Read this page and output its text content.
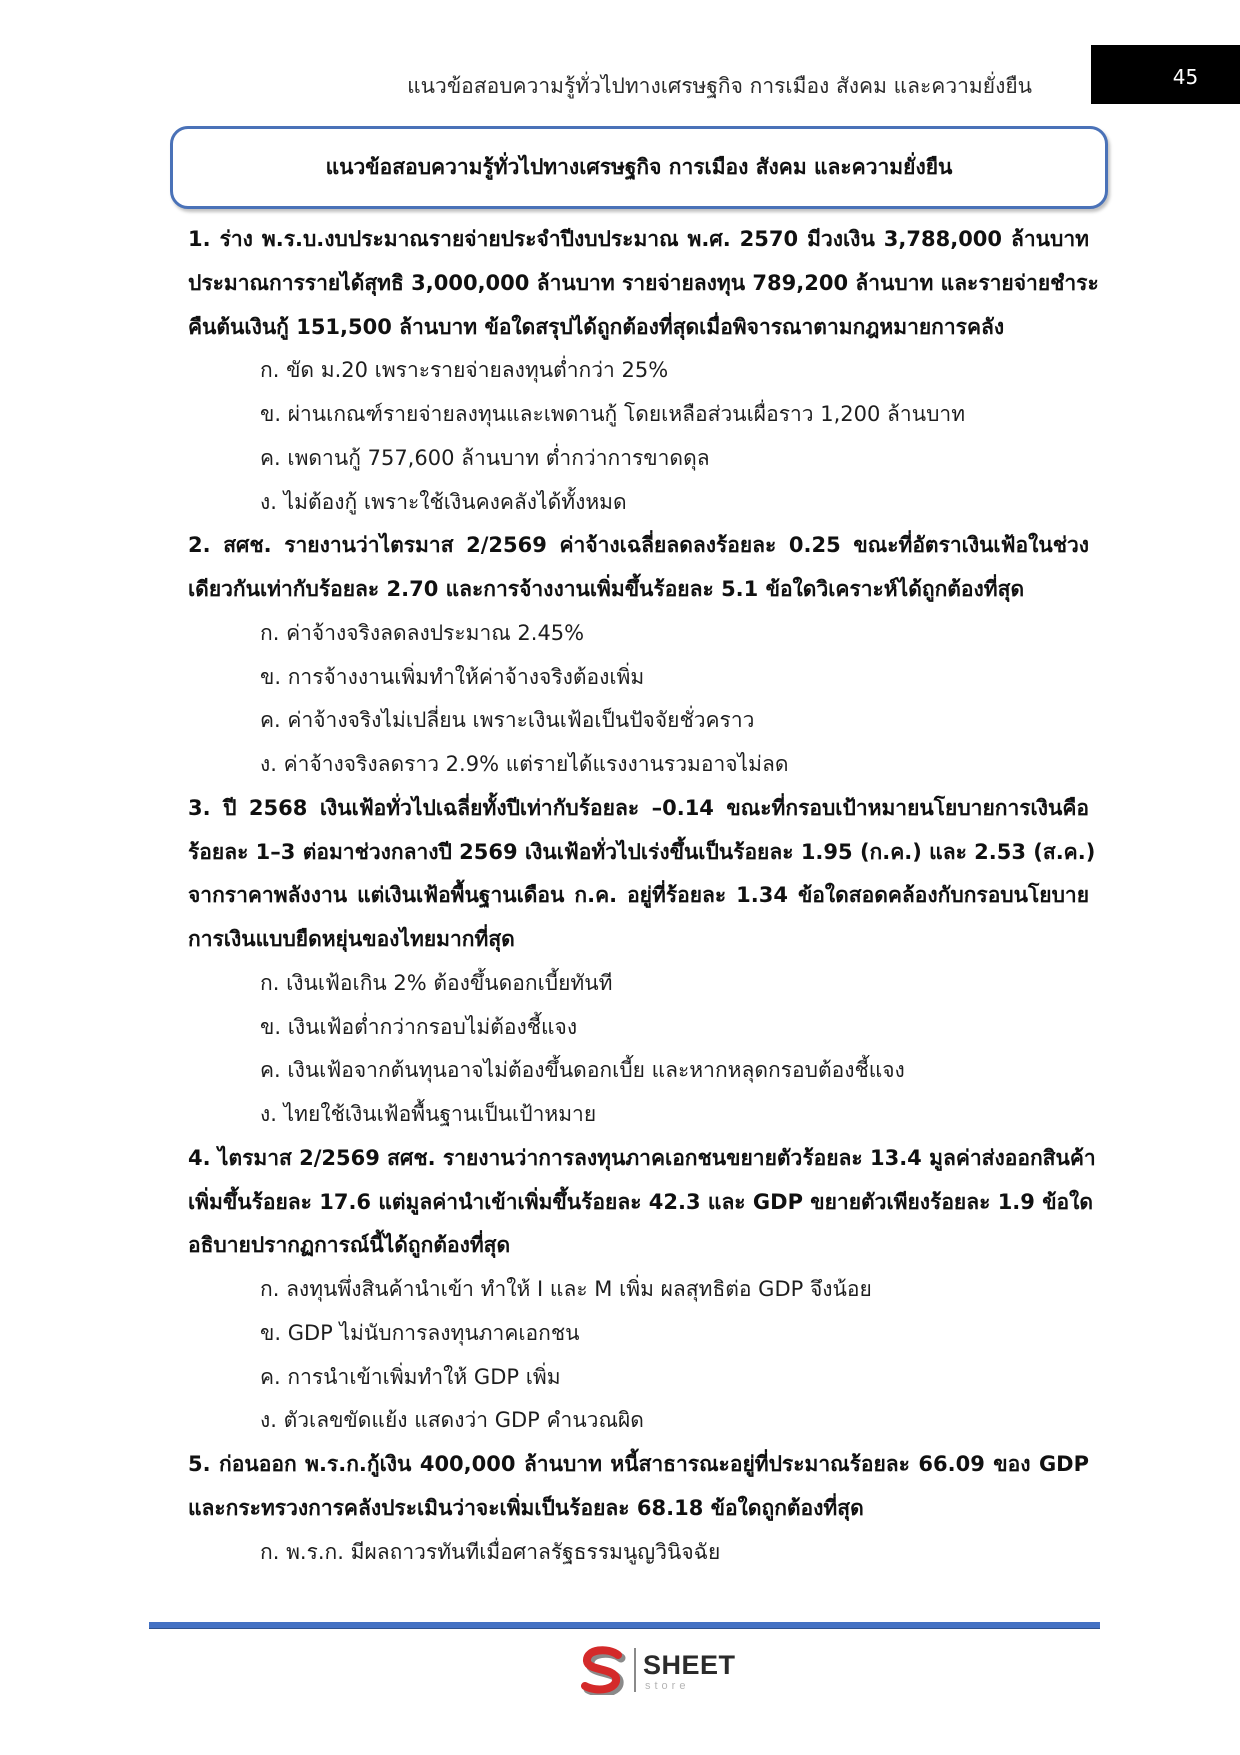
แนวข้อสอบความรู้ทั่วไปทางเศรษฐกิจ การเมือง สังคม และความยั่งยืน	45
แนวข้อสอบความรู้ทั่วไปทางเศรษฐกิจ การเมือง สังคม และความยั่งยืน
1. ร่าง พ.ร.บ.งบประมาณรายจ่ายประจำปีงบประมาณ พ.ศ. 2570 มีวงเงิน 3,788,000 ล้านบาท
ประมาณการรายได้สุทธิ 3,000,000 ล้านบาท รายจ่ายลงทุน 789,200 ล้านบาท และรายจ่ายชำระ
คืนต้นเงินกู้ 151,500 ล้านบาท ข้อใดสรุปได้ถูกต้องที่สุดเมื่อพิจารณาตามกฎหมายการคลัง
ก. ขัด ม.20 เพราะรายจ่ายลงทุนต่ำกว่า 25%
ข. ผ่านเกณฑ์รายจ่ายลงทุนและเพดานกู้ โดยเหลือส่วนเผื่อราว 1,200 ล้านบาท
ค. เพดานกู้ 757,600 ล้านบาท ต่ำกว่าการขาดดุล
ง. ไม่ต้องกู้ เพราะใช้เงินคงคลังได้ทั้งหมด
2. สศช. รายงานว่าไตรมาส 2/2569 ค่าจ้างเฉลี่ยลดลงร้อยละ 0.25 ขณะที่อัตราเงินเฟ้อในช่วง
เดียวกันเท่ากับร้อยละ 2.70 และการจ้างงานเพิ่มขึ้นร้อยละ 5.1 ข้อใดวิเคราะห์ได้ถูกต้องที่สุด
ก. ค่าจ้างจริงลดลงประมาณ 2.45%
ข. การจ้างงานเพิ่มทำให้ค่าจ้างจริงต้องเพิ่ม
ค. ค่าจ้างจริงไม่เปลี่ยน เพราะเงินเฟ้อเป็นปัจจัยชั่วคราว
ง. ค่าจ้างจริงลดราว 2.9% แต่รายได้แรงงานรวมอาจไม่ลด
3. ปี 2568 เงินเฟ้อทั่วไปเฉลี่ยทั้งปีเท่ากับร้อยละ –0.14 ขณะที่กรอบเป้าหมายนโยบายการเงินคือ
ร้อยละ 1–3 ต่อมาช่วงกลางปี 2569 เงินเฟ้อทั่วไปเร่งขึ้นเป็นร้อยละ 1.95 (ก.ค.) และ 2.53 (ส.ค.)
จากราคาพลังงาน แต่เงินเฟ้อพื้นฐานเดือน ก.ค. อยู่ที่ร้อยละ 1.34 ข้อใดสอดคล้องกับกรอบนโยบาย
การเงินแบบยืดหยุ่นของไทยมากที่สุด
ก. เงินเฟ้อเกิน 2% ต้องขึ้นดอกเบี้ยทันที
ข. เงินเฟ้อต่ำกว่ากรอบไม่ต้องชี้แจง
ค. เงินเฟ้อจากต้นทุนอาจไม่ต้องขึ้นดอกเบี้ย และหากหลุดกรอบต้องชี้แจง
ง. ไทยใช้เงินเฟ้อพื้นฐานเป็นเป้าหมาย
4. ไตรมาส 2/2569 สศช. รายงานว่าการลงทุนภาคเอกชนขยายตัวร้อยละ 13.4 มูลค่าส่งออกสินค้า
เพิ่มขึ้นร้อยละ 17.6 แต่มูลค่านำเข้าเพิ่มขึ้นร้อยละ 42.3 และ GDP ขยายตัวเพียงร้อยละ 1.9 ข้อใด
อธิบายปรากฏการณ์นี้ได้ถูกต้องที่สุด
ก. ลงทุนพึ่งสินค้านำเข้า ทำให้ I และ M เพิ่ม ผลสุทธิต่อ GDP จึงน้อย
ข. GDP ไม่นับการลงทุนภาคเอกชน
ค. การนำเข้าเพิ่มทำให้ GDP เพิ่ม
ง. ตัวเลขขัดแย้ง แสดงว่า GDP คำนวณผิด
5. ก่อนออก พ.ร.ก.กู้เงิน 400,000 ล้านบาท หนี้สาธารณะอยู่ที่ประมาณร้อยละ 66.09 ของ GDP
และกระทรวงการคลังประเมินว่าจะเพิ่มเป็นร้อยละ 68.18 ข้อใดถูกต้องที่สุด
ก. พ.ร.ก. มีผลถาวรทันทีเมื่อศาลรัฐธรรมนูญวินิจฉัย
SHEET
store
